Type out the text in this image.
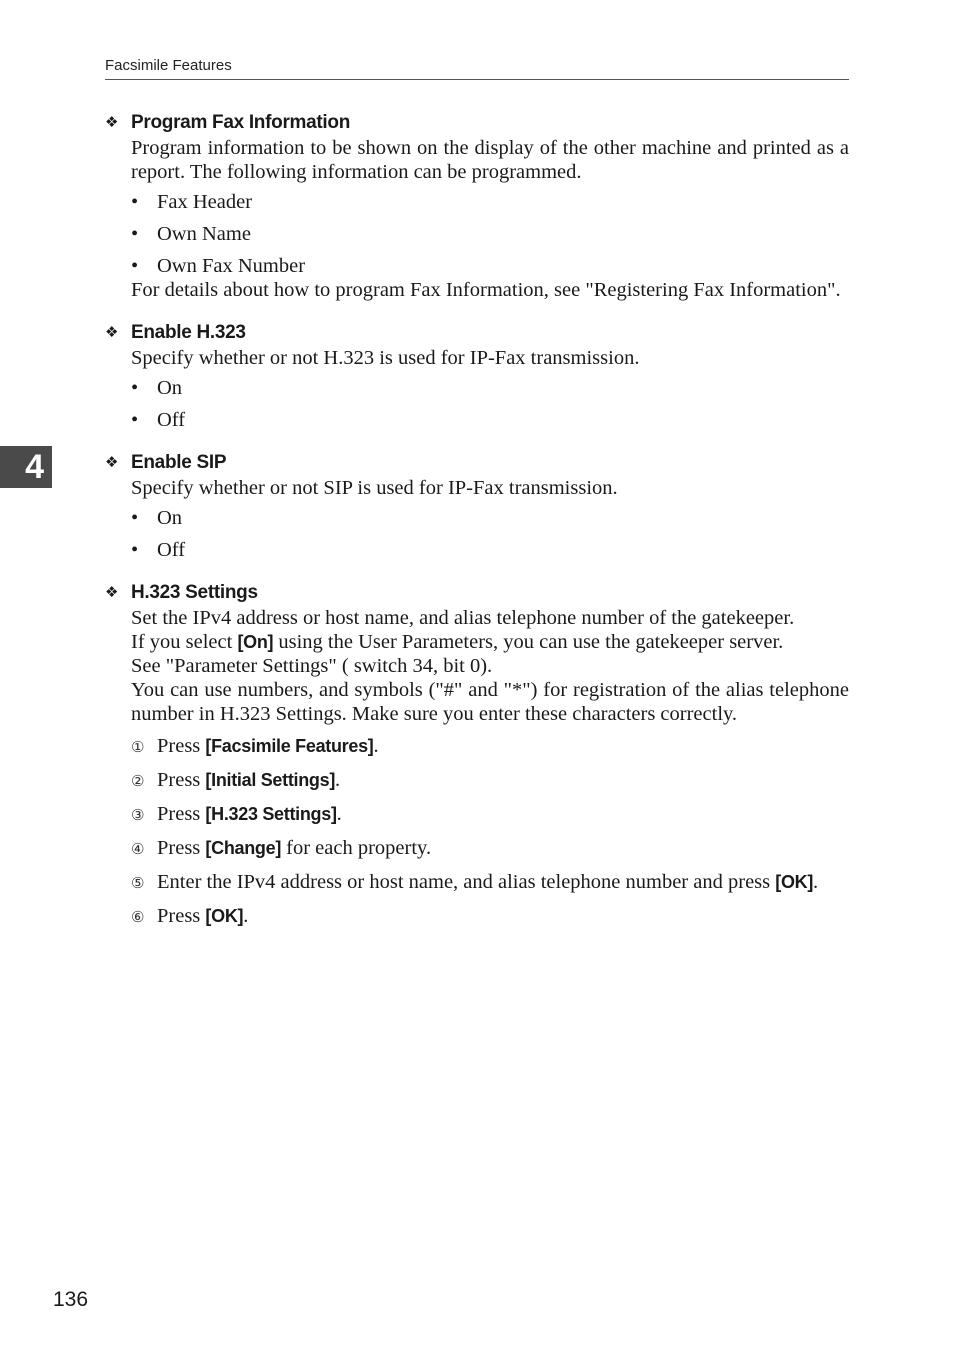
Facsimile Features
4
❖ Program Fax Information

Program information to be shown on the display of the other machine and printed as a report. The following information can be programmed.

• Fax Header
• Own Name
• Own Fax Number

For details about how to program Fax Information, see "Registering Fax Information".

❖ Enable H.323

Specify whether or not H.323 is used for IP-Fax transmission.

• On
• Off
❖ Enable SIP

Specify whether or not SIP is used for IP-Fax transmission.

• On
• Off
❖ H.323 Settings

Set the IPv4 address or host name, and alias telephone number of the gatekeeper.

If you select [On] using the User Parameters, you can use the gatekeeper server.

See "Parameter Settings" ( switch 34, bit 0).

You can use numbers, and symbols ("#" and "*") for registration of the alias telephone number in H.323 Settings. Make sure you enter these characters correctly.

① Press [Facsimile Features].
② Press [Initial Settings].
③ Press [H.323 Settings].
④ Press [Change] for each property.
⑤ Enter the IPv4 address or host name, and alias telephone number and press [OK].
⑥ Press [OK].
136
